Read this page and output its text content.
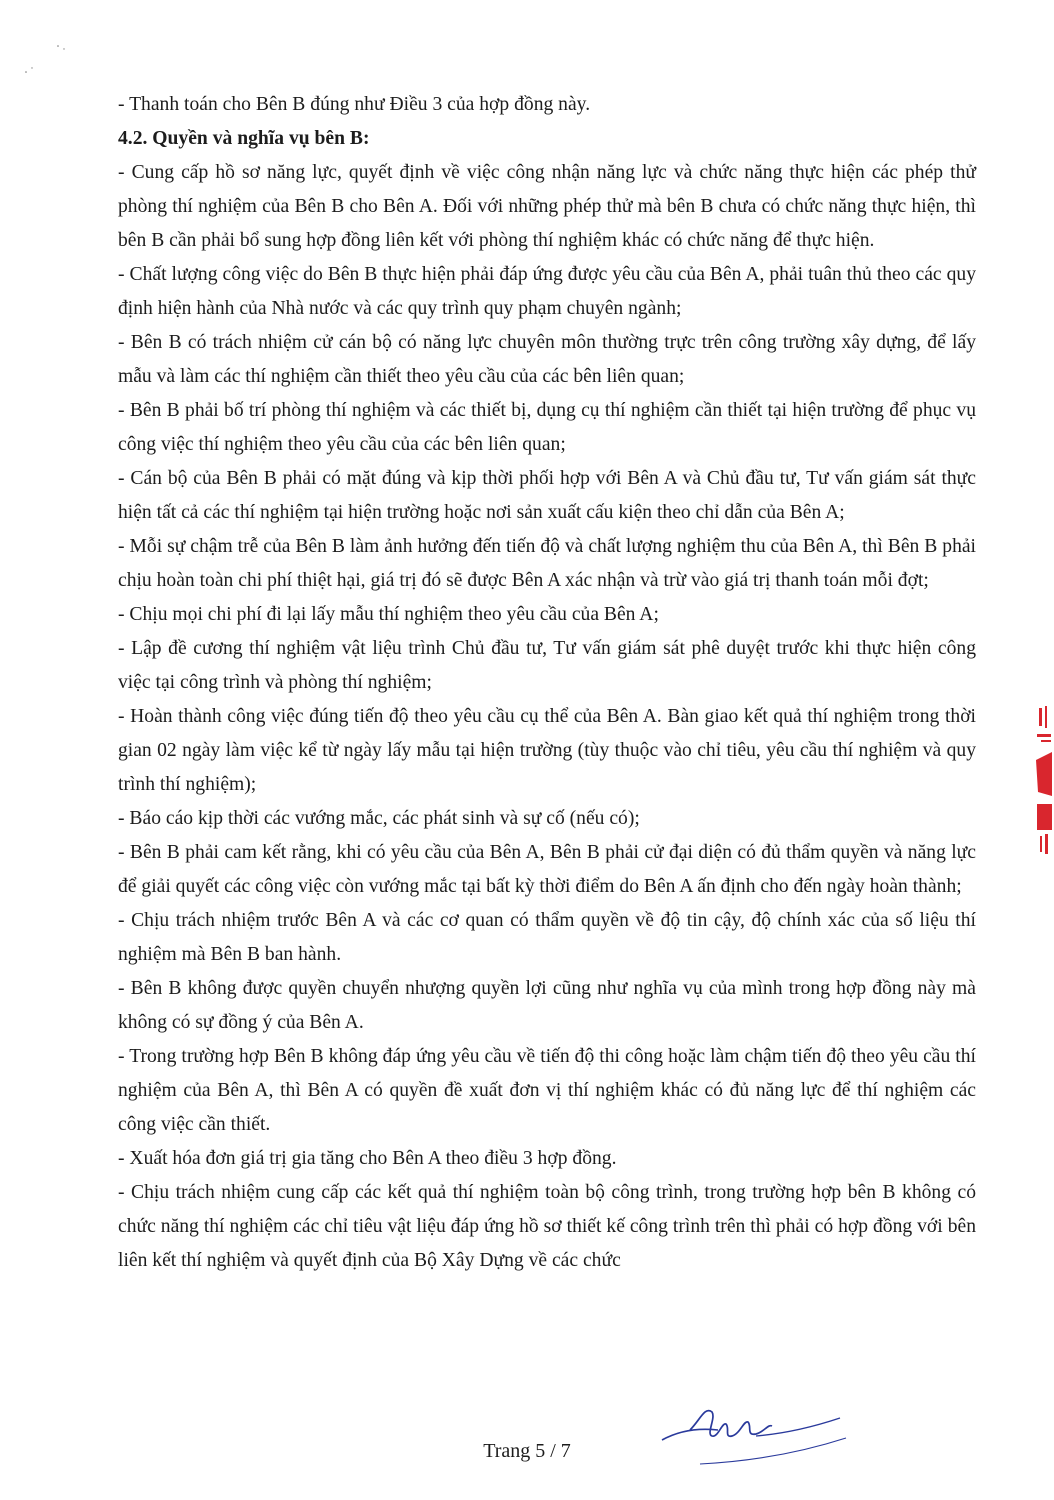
- Thanh toán cho Bên B đúng như Điều 3 của hợp đồng này.

4.2. Quyền và nghĩa vụ bên B:

- Cung cấp hồ sơ năng lực, quyết định về việc công nhận năng lực và chức năng thực hiện các phép thử phòng thí nghiệm của Bên B cho Bên A. Đối với những phép thử mà bên B chưa có chức năng thực hiện, thì bên B cần phải bổ sung hợp đồng liên kết với phòng thí nghiệm khác có chức năng để thực hiện.

- Chất lượng công việc do Bên B thực hiện phải đáp ứng được yêu cầu của Bên A, phải tuân thủ theo các quy định hiện hành của Nhà nước và các quy trình quy phạm chuyên ngành;

- Bên B có trách nhiệm cử cán bộ có năng lực chuyên môn thường trực trên công trường xây dựng, để lấy mẫu và làm các thí nghiệm cần thiết theo yêu cầu của các bên liên quan;

- Bên B phải bố trí phòng thí nghiệm và các thiết bị, dụng cụ thí nghiệm cần thiết tại hiện trường để phục vụ công việc thí nghiệm theo yêu cầu của các bên liên quan;

- Cán bộ của Bên B phải có mặt đúng và kịp thời phối hợp với Bên A và Chủ đầu tư, Tư vấn giám sát thực hiện tất cả các thí nghiệm tại hiện trường hoặc nơi sản xuất cấu kiện theo chỉ dẫn của Bên A;

- Mỗi sự chậm trễ của Bên B làm ảnh hưởng đến tiến độ và chất lượng nghiệm thu của Bên A, thì Bên B phải chịu hoàn toàn chi phí thiệt hại, giá trị đó sẽ được Bên A xác nhận và trừ vào giá trị thanh toán mỗi đợt;

- Chịu mọi chi phí đi lại lấy mẫu thí nghiệm theo yêu cầu của Bên A;

- Lập đề cương thí nghiệm vật liệu trình Chủ đầu tư, Tư vấn giám sát phê duyệt trước khi thực hiện công việc tại công trình và phòng thí nghiệm;

- Hoàn thành công việc đúng tiến độ theo yêu cầu cụ thể của Bên A. Bàn giao kết quả thí nghiệm trong thời gian 02 ngày làm việc kể từ ngày lấy mẫu tại hiện trường (tùy thuộc vào chỉ tiêu, yêu cầu thí nghiệm và quy trình thí nghiệm);

- Báo cáo kịp thời các vướng mắc, các phát sinh và sự cố (nếu có);

- Bên B phải cam kết rằng, khi có yêu cầu của Bên A, Bên B phải cử đại diện có đủ thẩm quyền và năng lực để giải quyết các công việc còn vướng mắc tại bất kỳ thời điểm do Bên A ấn định cho đến ngày hoàn thành;

- Chịu trách nhiệm trước Bên A và các cơ quan có thẩm quyền về độ tin cậy, độ chính xác của số liệu thí nghiệm mà Bên B ban hành.

- Bên B không được quyền chuyển nhượng quyền lợi cũng như nghĩa vụ của mình trong hợp đồng này mà không có sự đồng ý của Bên A.

- Trong trường hợp Bên B không đáp ứng yêu cầu về tiến độ thi công hoặc làm chậm tiến độ theo yêu cầu thí nghiệm của Bên A, thì Bên A có quyền đề xuất đơn vị thí nghiệm khác có đủ năng lực để thí nghiệm các công việc cần thiết.

- Xuất hóa đơn giá trị gia tăng cho Bên A theo điều 3 hợp đồng.

- Chịu trách nhiệm cung cấp các kết quả thí nghiệm toàn bộ công trình, trong trường hợp bên B không có chức năng thí nghiệm các chỉ tiêu vật liệu đáp ứng hồ sơ thiết kế công trình trên thì phải có hợp đồng với bên liên kết thí nghiệm và quyết định của Bộ Xây Dựng về các chức

Trang 5 / 7
